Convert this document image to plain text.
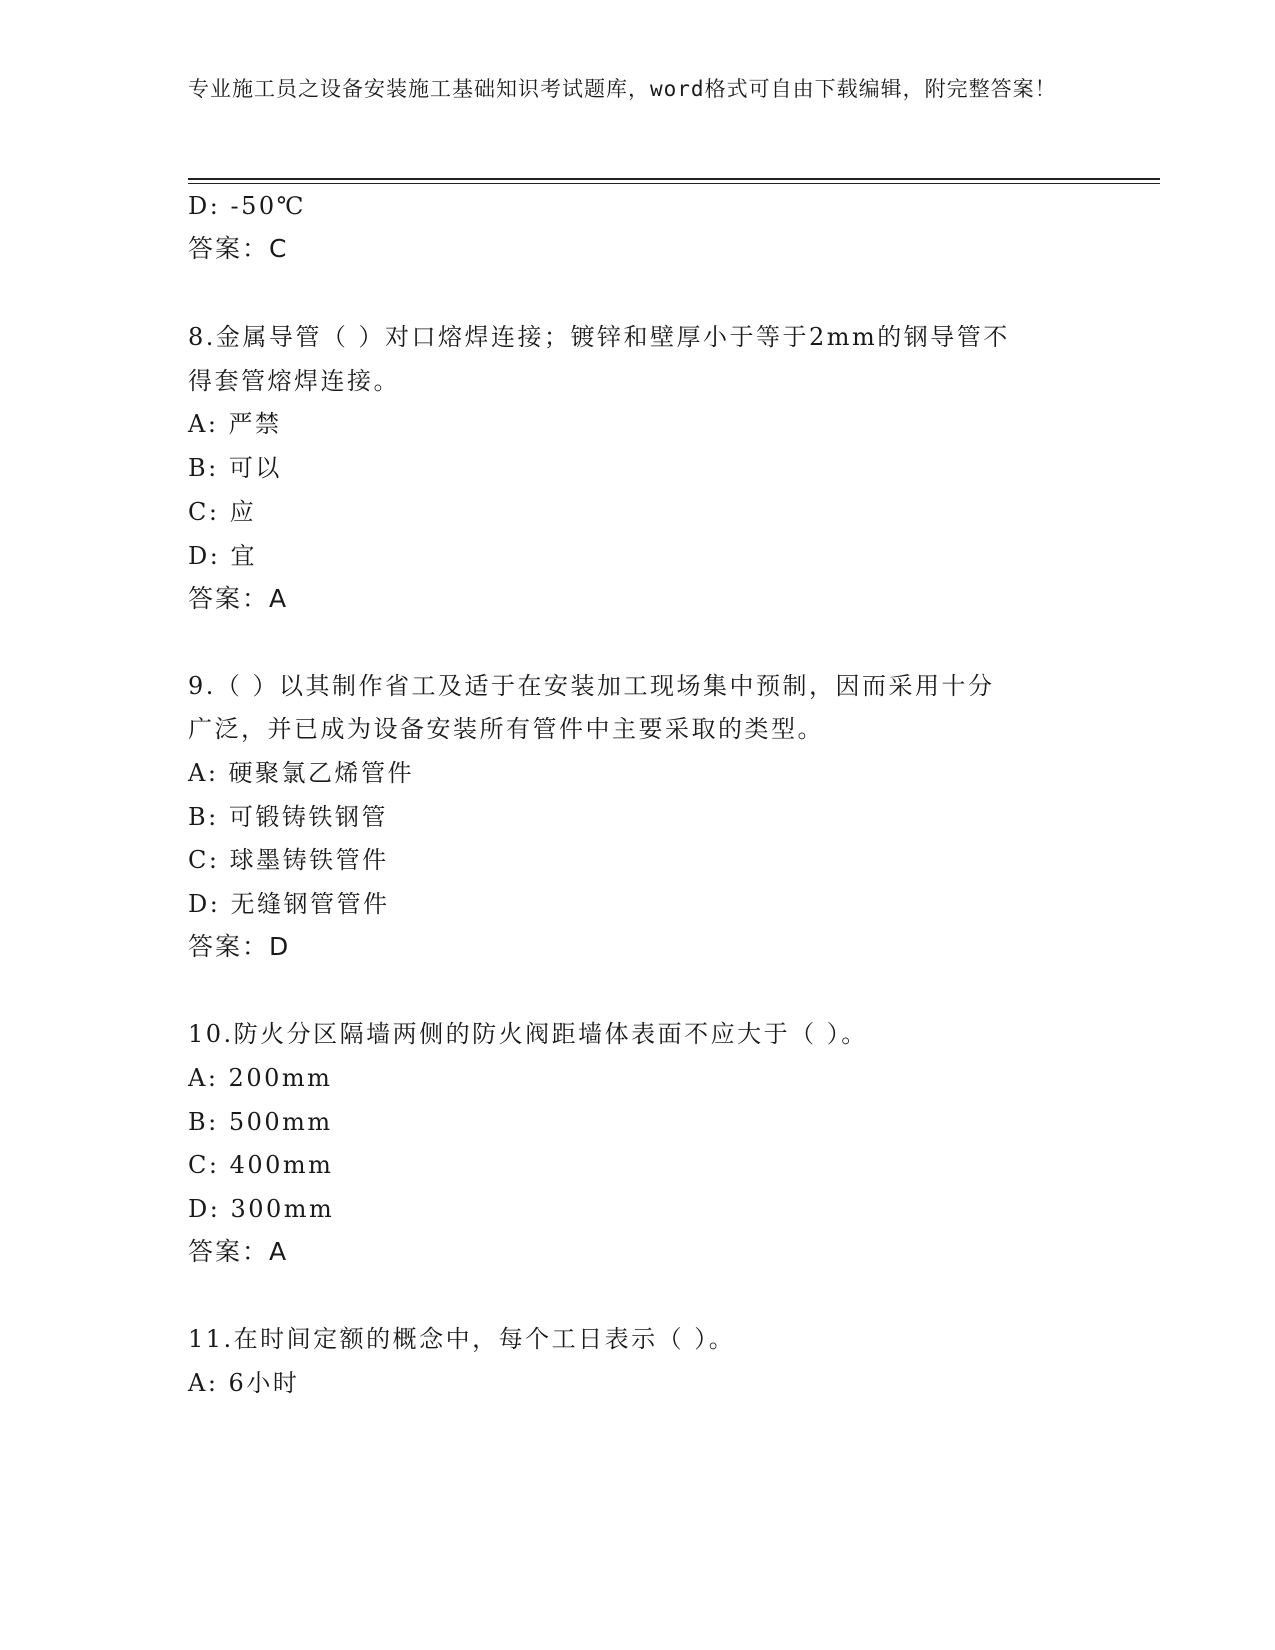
专业施工员之设备安装施工基础知识考试题库，word格式可自由下载编辑，附完整答案！
D: -50℃
答案：C
8.金属导管（ ）对口熔焊连接；镀锌和壁厚小于等于2mm的钢导管不
得套管熔焊连接。
A: 严禁
B: 可以
C: 应
D: 宜
答案：A
9.（ ）以其制作省工及适于在安装加工现场集中预制，因而采用十分
广泛，并已成为设备安装所有管件中主要采取的类型。
A: 硬聚氯乙烯管件
B: 可锻铸铁钢管
C: 球墨铸铁管件
D: 无缝钢管管件
答案：D
10.防火分区隔墙两侧的防火阀距墙体表面不应大于（ ）。
A: 200mm
B: 500mm
C: 400mm
D: 300mm
答案：A
11.在时间定额的概念中，每个工日表示（ ）。
A: 6小时
